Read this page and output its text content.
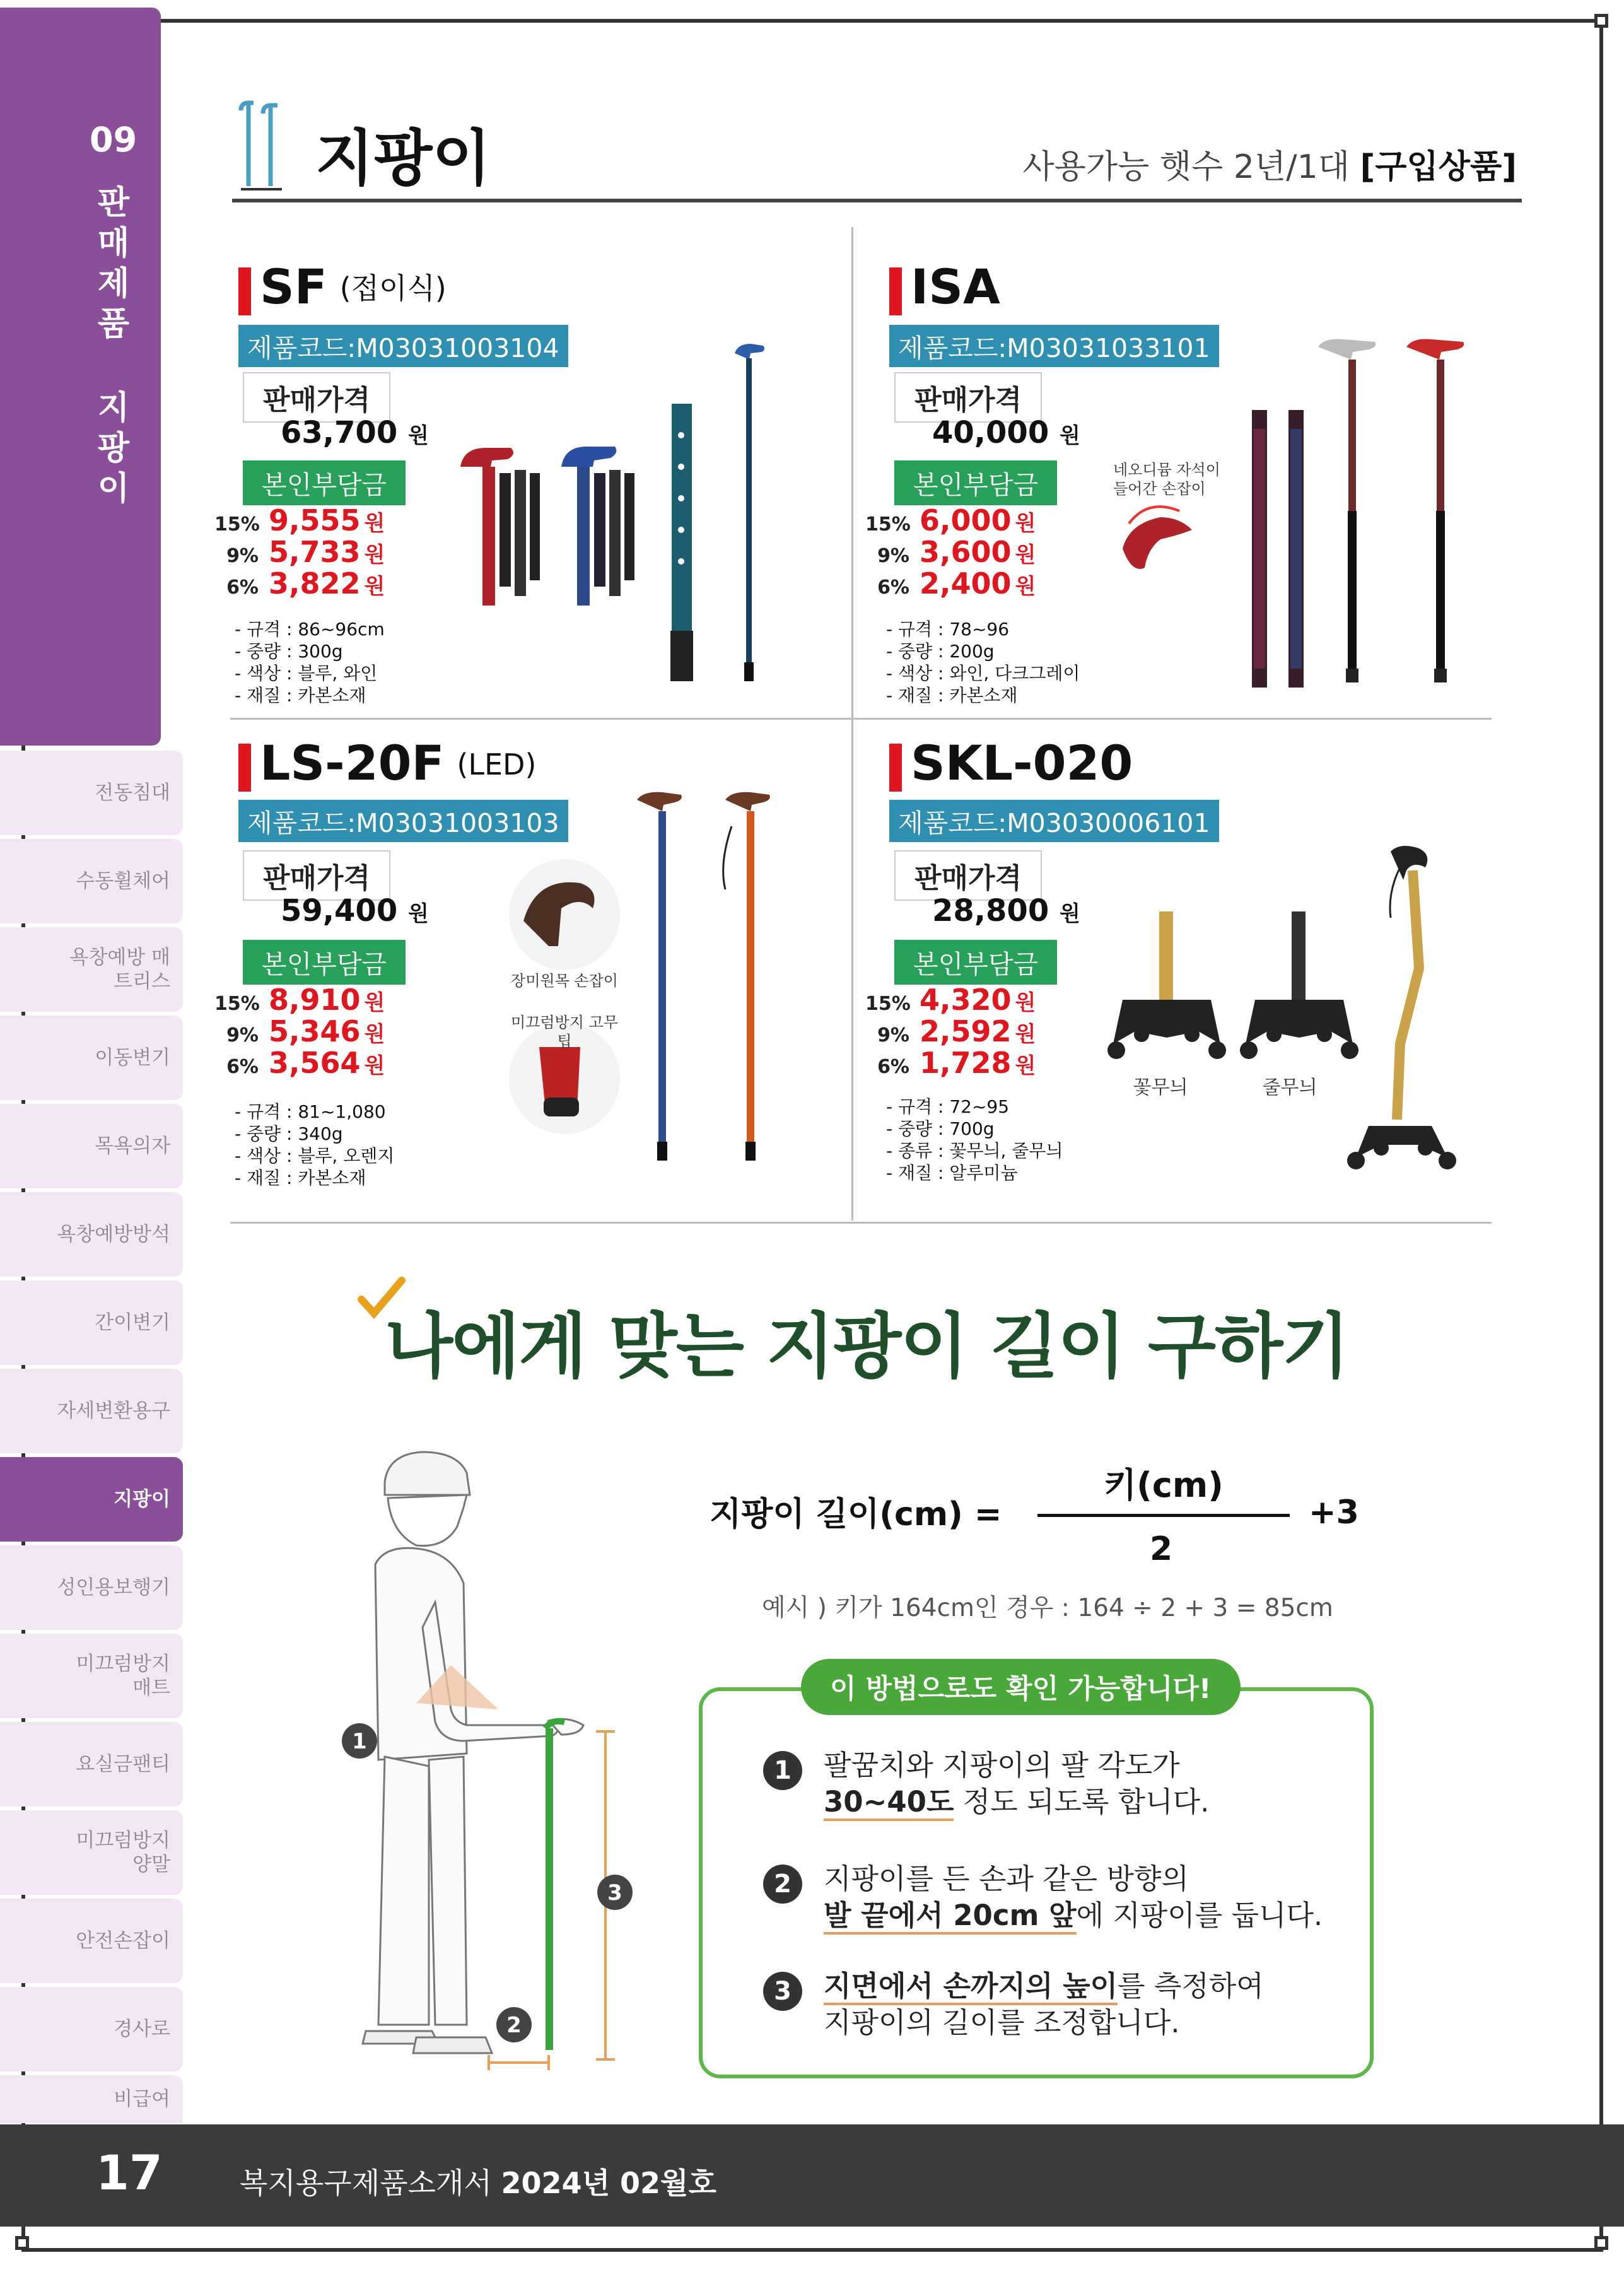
09
판
매
제
품
지
팡
이
전동침대
수동휠체어
욕창예방 매트리스
이동변기
목욕의자
욕창예방방석
간이변기
자세변환용구
지팡이
성인용보행기
미끄럼방지 매트
요실금팬티
미끄럼방지 양말
안전손잡이
경사로
비급여
지팡이	사용가능 햇수 2년/1대 [구입상품]
SF (접이식)
제품코드:M03031003104
판매가격
63,700 원
본인부담금
15% 9,555 원
9% 5,733 원
6% 3,822 원
- 규격 : 86~96cm
- 중량 : 300g
- 색상 : 블루, 와인
- 재질 : 카본소재
ISA
제품코드:M03031033101
판매가격
40,000 원
본인부담금
15% 6,000 원
9% 3,600 원
6% 2,400 원
- 규격 : 78~96
- 중량 : 200g
- 색상 : 와인, 다크그레이
- 재질 : 카본소재
네오디뮴 자석이 들어간 손잡이
LS-20F (LED)
제품코드:M03031003103
판매가격
59,400 원
본인부담금
15% 8,910 원
9% 5,346 원
6% 3,564 원
- 규격 : 81~1,080
- 중량 : 340g
- 색상 : 블루, 오렌지
- 재질 : 카본소재
장미원목 손잡이
미끄럼방지 고무팁
SKL-020
제품코드:M03030006101
판매가격
28,800 원
본인부담금
15% 4,320 원
9% 2,592 원
6% 1,728 원
- 규격 : 72~95
- 중량 : 700g
- 종류 : 꽃무늬, 줄무늬
- 재질 : 알루미늄
꽃무늬	줄무늬
나에게 맞는 지팡이 길이 구하기
1
2
3
지팡이 길이(cm) =
키(cm)
2
+3
예시 ) 키가 164cm인 경우 : 164 ÷ 2 + 3 = 85cm
이 방법으로도 확인 가능합니다!
1	팔꿈치와 지팡이의 팔 각도가
30~40도 정도 되도록 합니다.
2	지팡이를 든 손과 같은 방향의
발 끝에서 20cm 앞에 지팡이를 둡니다.
3	지면에서 손까지의 높이를 측정하여
지팡이의 길이를 조정합니다.
17	복지용구제품소개서 2024년 02월호
